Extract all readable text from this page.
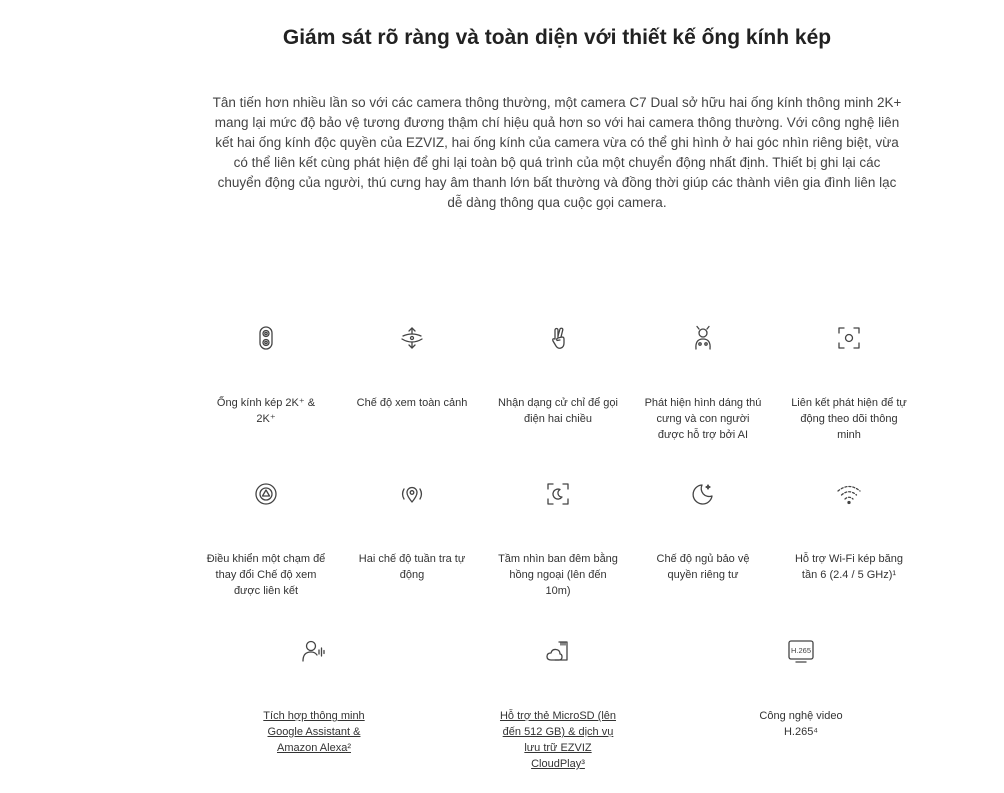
Giám sát rõ ràng và toàn diện với thiết kế ống kính kép

Tân tiến hơn nhiều lần so với các camera thông thường, một camera C7 Dual sở hữu hai ống kính thông minh 2K+ mang lại mức độ bảo vệ tương đương thậm chí hiệu quả hơn so với hai camera thông thường. Với công nghệ liên kết hai ống kính độc quyền của EZVIZ, hai ống kính của camera vừa có thể ghi hình ở hai góc nhìn riêng biệt, vừa có thể liên kết cùng phát hiện để ghi lại toàn bộ quá trình của một chuyển động nhất định. Thiết bị ghi lại các chuyển động của người, thú cưng hay âm thanh lớn bất thường và đồng thời giúp các thành viên gia đình liên lạc dễ dàng thông qua cuộc gọi camera.

Ống kính kép 2K⁺ & 2K⁺
Chế độ xem toàn cảnh	Nhận dạng cử chỉ để gọi điện hai chiều
Phát hiện hình dáng thú cưng và con người được hỗ trợ bởi AI
Liên kết phát hiện để tự động theo dõi thông minh
Điều khiển một chạm để thay đổi Chế độ xem được liên kết
Hai chế độ tuần tra tự động
Tầm nhìn ban đêm bằng hồng ngoại (lên đến 10m)
Chế độ ngủ bảo vệ quyền riêng tư
Hỗ trợ Wi-Fi kép băng tần 6 (2.4 / 5 GHz)¹
Tích hợp thông minh Google Assistant & Amazon Alexa²
Hỗ trợ thẻ MicroSD (lên đến 512 GB) & dịch vụ lưu trữ EZVIZ CloudPlay³
H.265
Công nghệ video H.265⁴
